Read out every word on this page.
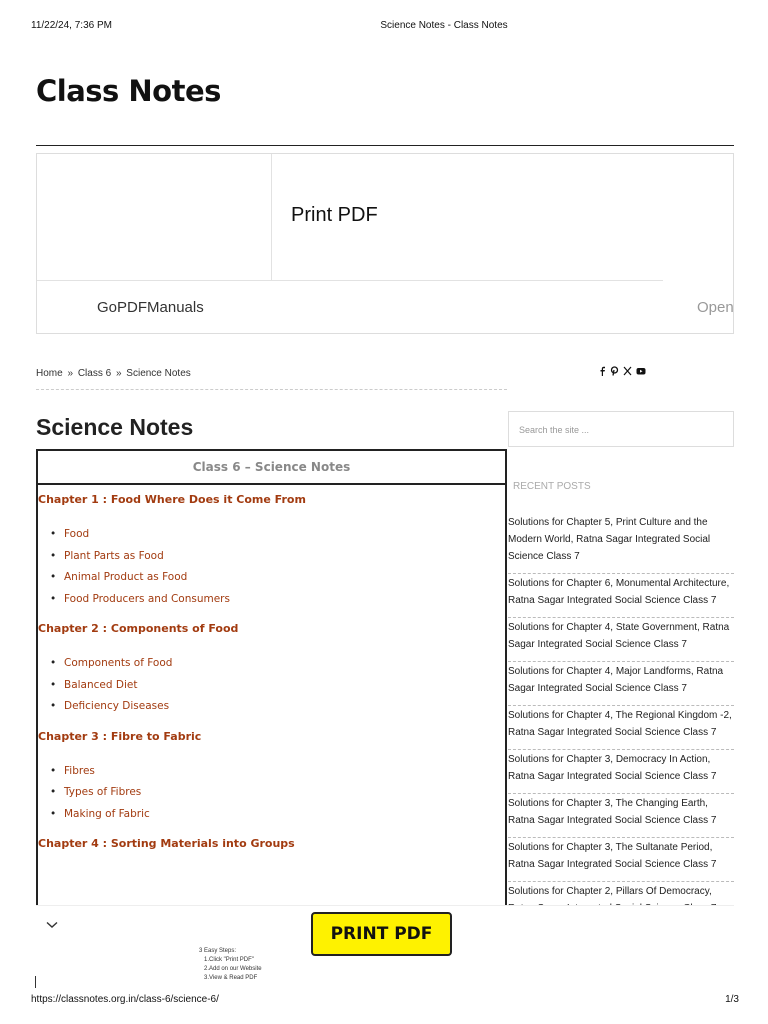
11/22/24, 7:36 PM	Science Notes - Class Notes
Class Notes
Print PDF
GoPDFManuals	Open
Home » Class 6 » Science Notes
Science Notes
Class 6 – Science Notes
Chapter 1 : Food Where Does it Come From
• Food
• Plant Parts as Food
• Animal Product as Food
• Food Producers and Consumers
Chapter 2 : Components of Food
• Components of Food
• Balanced Diet
• Deficiency Diseases
Chapter 3 : Fibre to Fabric
• Fibres
• Types of Fibres
• Making of Fabric
Chapter 4 : Sorting Materials into Groups
Search the site ...
RECENT POSTS
Solutions for Chapter 5, Print Culture and the Modern World, Ratna Sagar Integrated Social Science Class 7
Solutions for Chapter 6, Monumental Architecture, Ratna Sagar Integrated Social Science Class 7
Solutions for Chapter 4, State Government, Ratna Sagar Integrated Social Science Class 7
Solutions for Chapter 4, Major Landforms, Ratna Sagar Integrated Social Science Class 7
Solutions for Chapter 4, The Regional Kingdom -2, Ratna Sagar Integrated Social Science Class 7
Solutions for Chapter 3, Democracy In Action, Ratna Sagar Integrated Social Science Class 7
Solutions for Chapter 3, The Changing Earth, Ratna Sagar Integrated Social Science Class 7
Solutions for Chapter 3, The Sultanate Period, Ratna Sagar Integrated Social Science Class 7
Solutions for Chapter 2, Pillars Of Democracy,
PRINT PDF
3 Easy Steps:
1.Click "Print PDF"
2.Add on our Website
3.View & Read PDF
https://classnotes.org.in/class-6/science-6/	1/3
